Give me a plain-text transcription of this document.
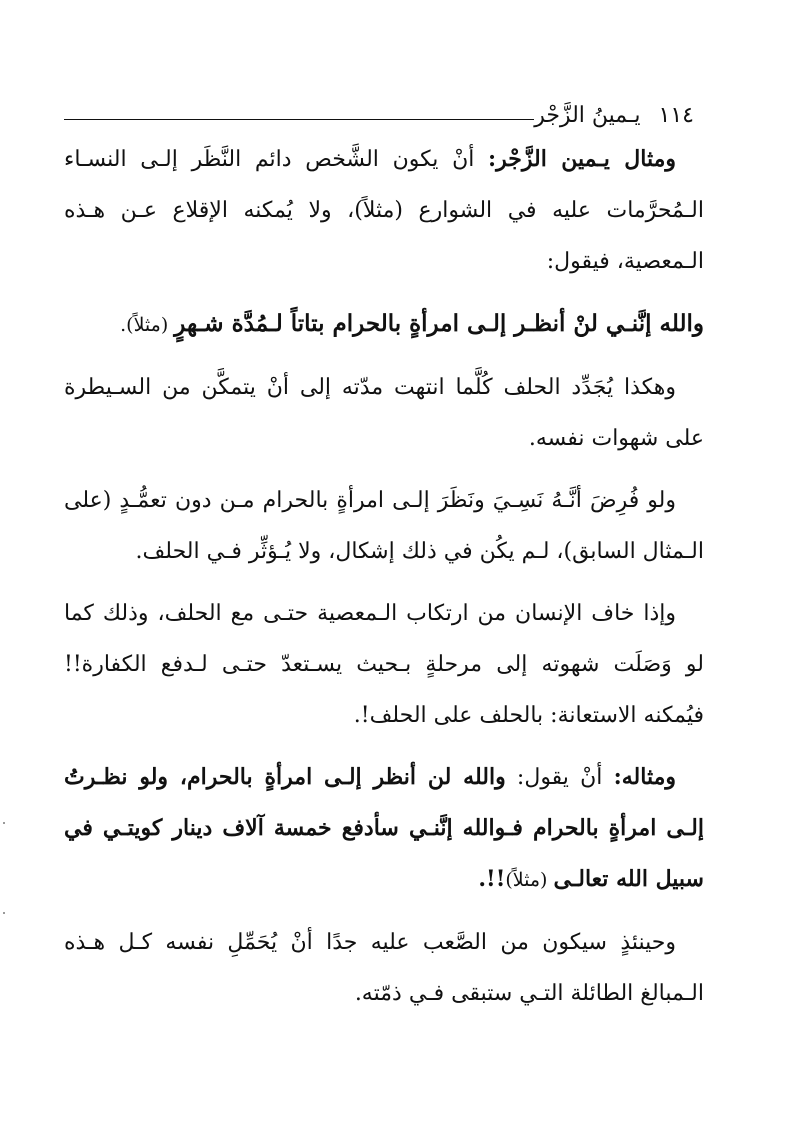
١١٤
يـمينُ الزَّجْر

ومثال يـمين الزَّجْر: أنْ يكون الشَّخص دائم النَّظَر إلـى النسـاء الـمُحرَّمات عليه في الشوارع (مثلاً)، ولا يُمكنه الإقلاع عـن هـذه الـمعصية، فيقول:

والله إنَّنـي لنْ أنظـر إلـى امرأةٍ بالحرام بتاتاً لـمُدَّة شـهرٍ (مثلاً).

وهكذا يُجَدِّد الحلف كُلَّما انتهت مدّته إلى أنْ يتمكَّن من السـيطرة على شهوات نفسه.

ولو فُرِضَ أنَّـهُ نَسِـيَ ونَظَرَ إلـى امرأةٍ بالحرام مـن دون تعمُّـدٍ (على الـمثال السابق)، لـم يكُن في ذلك إشكال، ولا يُـؤثِّر فـي الحلف.

وإذا خاف الإنسان من ارتكاب الـمعصية حتـى مع الحلف، وذلك كما لو وَصَلَت شهوته إلى مرحلةٍ بـحيث يسـتعدّ حتـى لـدفع الكفارة!! فيُمكنه الاستعانة: بالحلف على الحلف!.

ومثاله: أنْ يقول: والله لن أنظر إلـى امرأةٍ بالحرام، ولو نظـرتُ إلـى امرأةٍ بالحرام فـوالله إنَّنـي سأدفع خمسة آلاف دينار كويتـي في سبيل الله تعالـى (مثلاً)!!.

وحينئذٍ سيكون من الصَّعب عليه جدًا أنْ يُحَمِّلِ نفسه كـل هـذه الـمبالغ الطائلة التـي ستبقى فـي ذمّته.
